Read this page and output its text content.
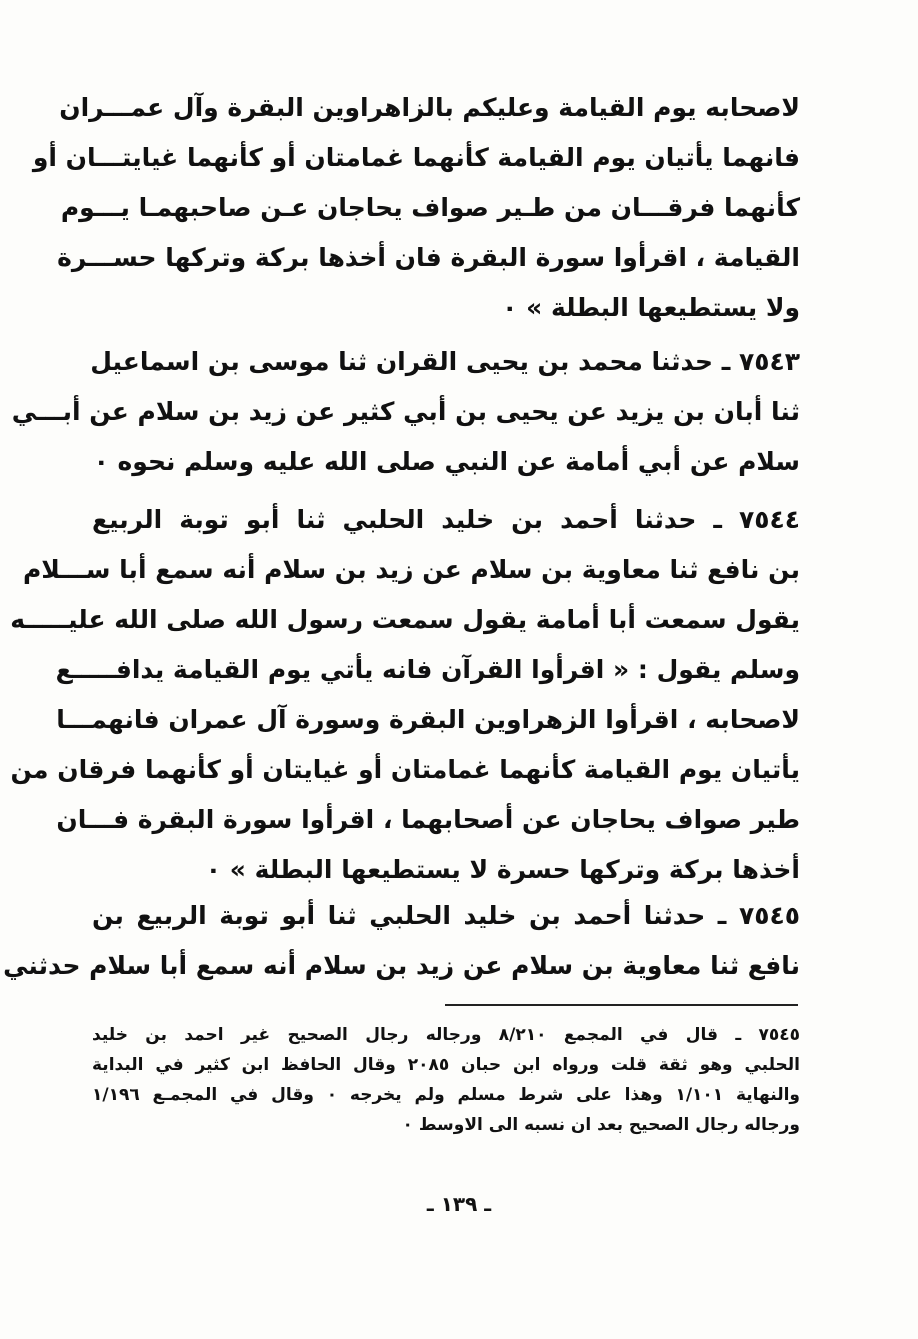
لاصحابه يوم القيامة وعليكم بالزاهراوين البقرة وآل عمـــران
فانهما يأتيان يوم القيامة كأنهما غمامتان أو كأنهما غيايتـــان أو
كأنهما فرقـــان من طـير صواف يحاجان عـن صاحبهمـا يـــوم
القيامة ، اقرأوا سورة البقرة فان أخذها بركة وتركها حســـرة
ولا يستطيعها البطلة » ٠
٧٥٤٣ ـ حدثنا محمد بن يحيى القران ثنا موسى بن اسماعيل
ثنا أبان بن يزيد عن يحيى بن أبي كثير عن زيد بن سلام عن أبـــي
سلام عن أبي أمامة عن النبي صلى الله عليه وسلم نحوه ٠
٧٥٤٤ ـ حدثنا أحمد بن خليد الحلبي ثنا أبو توبة الربيع
بن نافع ثنا معاوية بن سلام عن زيد بن سلام أنه سمع أبا ســـلام
يقول سمعت أبا أمامة يقول سمعت رسول الله صلى الله عليـــــه
وسلم يقول : « اقرأوا القرآن فانه يأتي يوم القيامة يدافـــــع
لاصحابه ، اقرأوا الزهراوين البقرة وسورة آل عمران فانهمـــا
يأتيان يوم القيامة كأنهما غمامتان أو غيايتان أو كأنهما فرقان من
طير صواف يحاجان عن أصحابهما ، اقرأوا سورة البقرة فـــان
أخذها بركة وتركها حسرة لا يستطيعها البطلة » ٠
٧٥٤٥ ـ حدثنا أحمد بن خليد الحلبي ثنا أبو توبة الربيع بن
نافع ثنا معاوية بن سلام عن زيد بن سلام أنه سمع أبا سلام حدثني
٧٥٤٥ ـ قال في المجمع ٨/٢١٠ ورجاله رجال الصحيح غير احمد بن خليد
الحلبي وهو ثقة قلت ورواه ابن حبان ٢٠٨٥ وقال الحافظ ابن كثير في البداية
والنهاية ١/١٠١ وهذا على شرط مسلم ولم يخرجه ٠ وقال في المجمـع ١/١٩٦
ورجاله رجال الصحيح بعد ان نسبه الى الاوسط ٠
ـ ١٣٩ ـ
